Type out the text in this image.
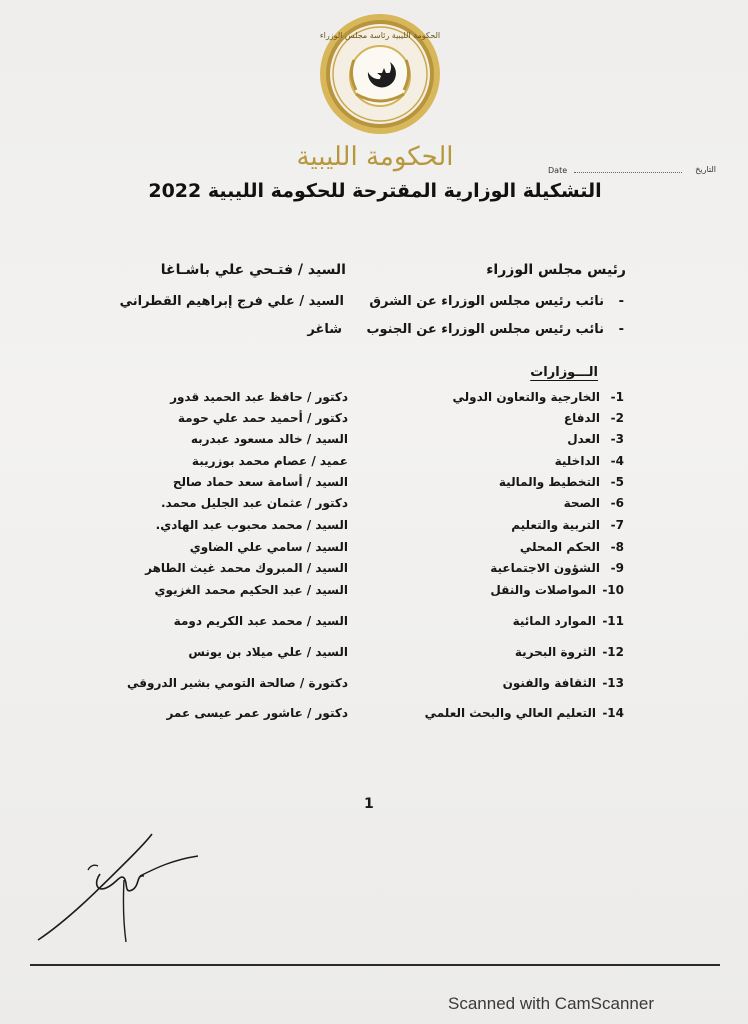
الحكومة الليبية رئاسة مجلس الوزراء
الحكومة الليبية	Date	التاريخ
التشكيلة الوزارية المقترحة للحكومة الليبية 2022
رئيس مجلس الوزراء
السيد / فتـحي علي باشـاغا
-
نائب رئيس مجلس الوزراء عن الشرق
السيد / علي فرج إبراهيم القطراني
-
نائب رئيس مجلس الوزراء عن الجنوب
شاغر
الـــوزارات
1-
الخارجية والتعاون الدولي
دكتور / حافظ عبد الحميد قدور
2-
الدفاع
دكتور / أحميد حمد علي حومة
3-
العدل
السيد / خالد مسعود عبدربه
4-
الداخلية
عميد / عصام محمد بوزريبة
5-
التخطيط والمالية
السيد / أسامة سعد حماد صالح
6-
الصحة
دكتور / عثمان عبد الجليل محمد.
7-
التربية والتعليم
السيد / محمد محبوب عبد الهادي.
8-
الحكم المحلي
السيد / سامي علي الضاوي
9-
الشؤون الاجتماعية
السيد / المبروك محمد غيث الطاهر
10-
المواصلات والنقل
السيد / عبد الحكيم محمد الغزيوي
11-
الموارد المائية
السيد / محمد عبد الكريم دومة
12-
الثروة البحرية
السيد / علي ميلاد بن يونس
13-
الثقافة والفنون
دكتورة / صالحة التومي بشير الدروقي
14-
التعليم العالي والبحث العلمي
دكتور / عاشور عمر عيسى عمر
1
Scanned with CamScanner
